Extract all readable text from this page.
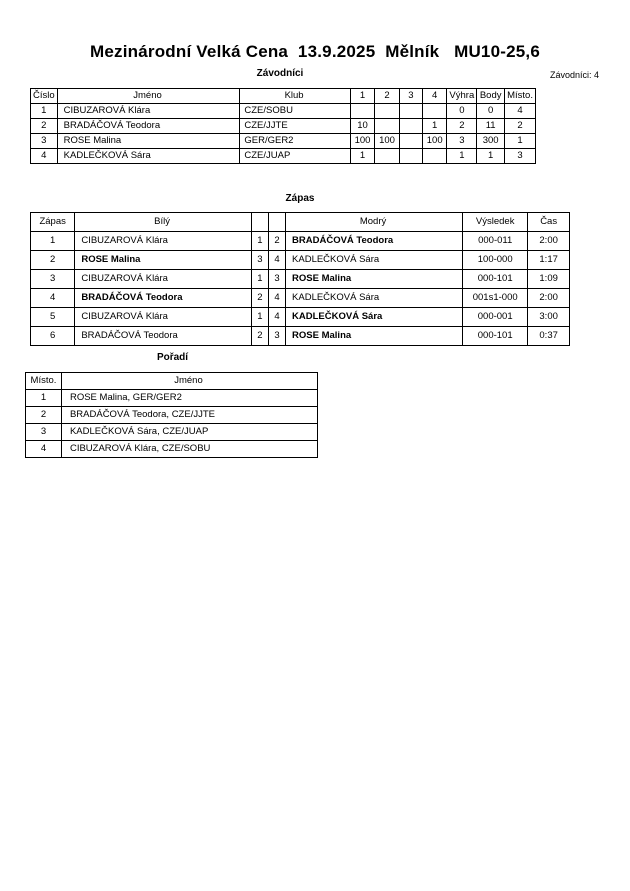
Mezinárodní Velká Cena  13.9.2025  Mělník   MU10-25,6
Závodníci	Závodníci: 4
Číslo	Jméno	Klub	1	2	3	4	Výhra	Body	Místo.
1	CIBUZAROVÁ Klára	CZE/SOBU					0	0	4
2	BRADÁČOVÁ Teodora	CZE/JJTE	10			1	2	11	2
3	ROSE Malina	GER/GER2	100	100		100	3	300	1
4	KADLEČKOVÁ Sára	CZE/JUAP	1				1	1	3
Zápas
Zápas	Bílý			Modrý	Výsledek	Čas
1	CIBUZAROVÁ Klára	1	2	BRADÁČOVÁ Teodora	000-011	2:00
2	ROSE Malina	3	4	KADLEČKOVÁ Sára	100-000	1:17
3	CIBUZAROVÁ Klára	1	3	ROSE Malina	000-101	1:09
4	BRADÁČOVÁ Teodora	2	4	KADLEČKOVÁ Sára	001s1-000	2:00
5	CIBUZAROVÁ Klára	1	4	KADLEČKOVÁ Sára	000-001	3:00
6	BRADÁČOVÁ Teodora	2	3	ROSE Malina	000-101	0:37
Pořadí
Místo.	Jméno
1	ROSE Malina, GER/GER2
2	BRADÁČOVÁ Teodora, CZE/JJTE
3	KADLEČKOVÁ Sára, CZE/JUAP
4	CIBUZAROVÁ Klára, CZE/SOBU
